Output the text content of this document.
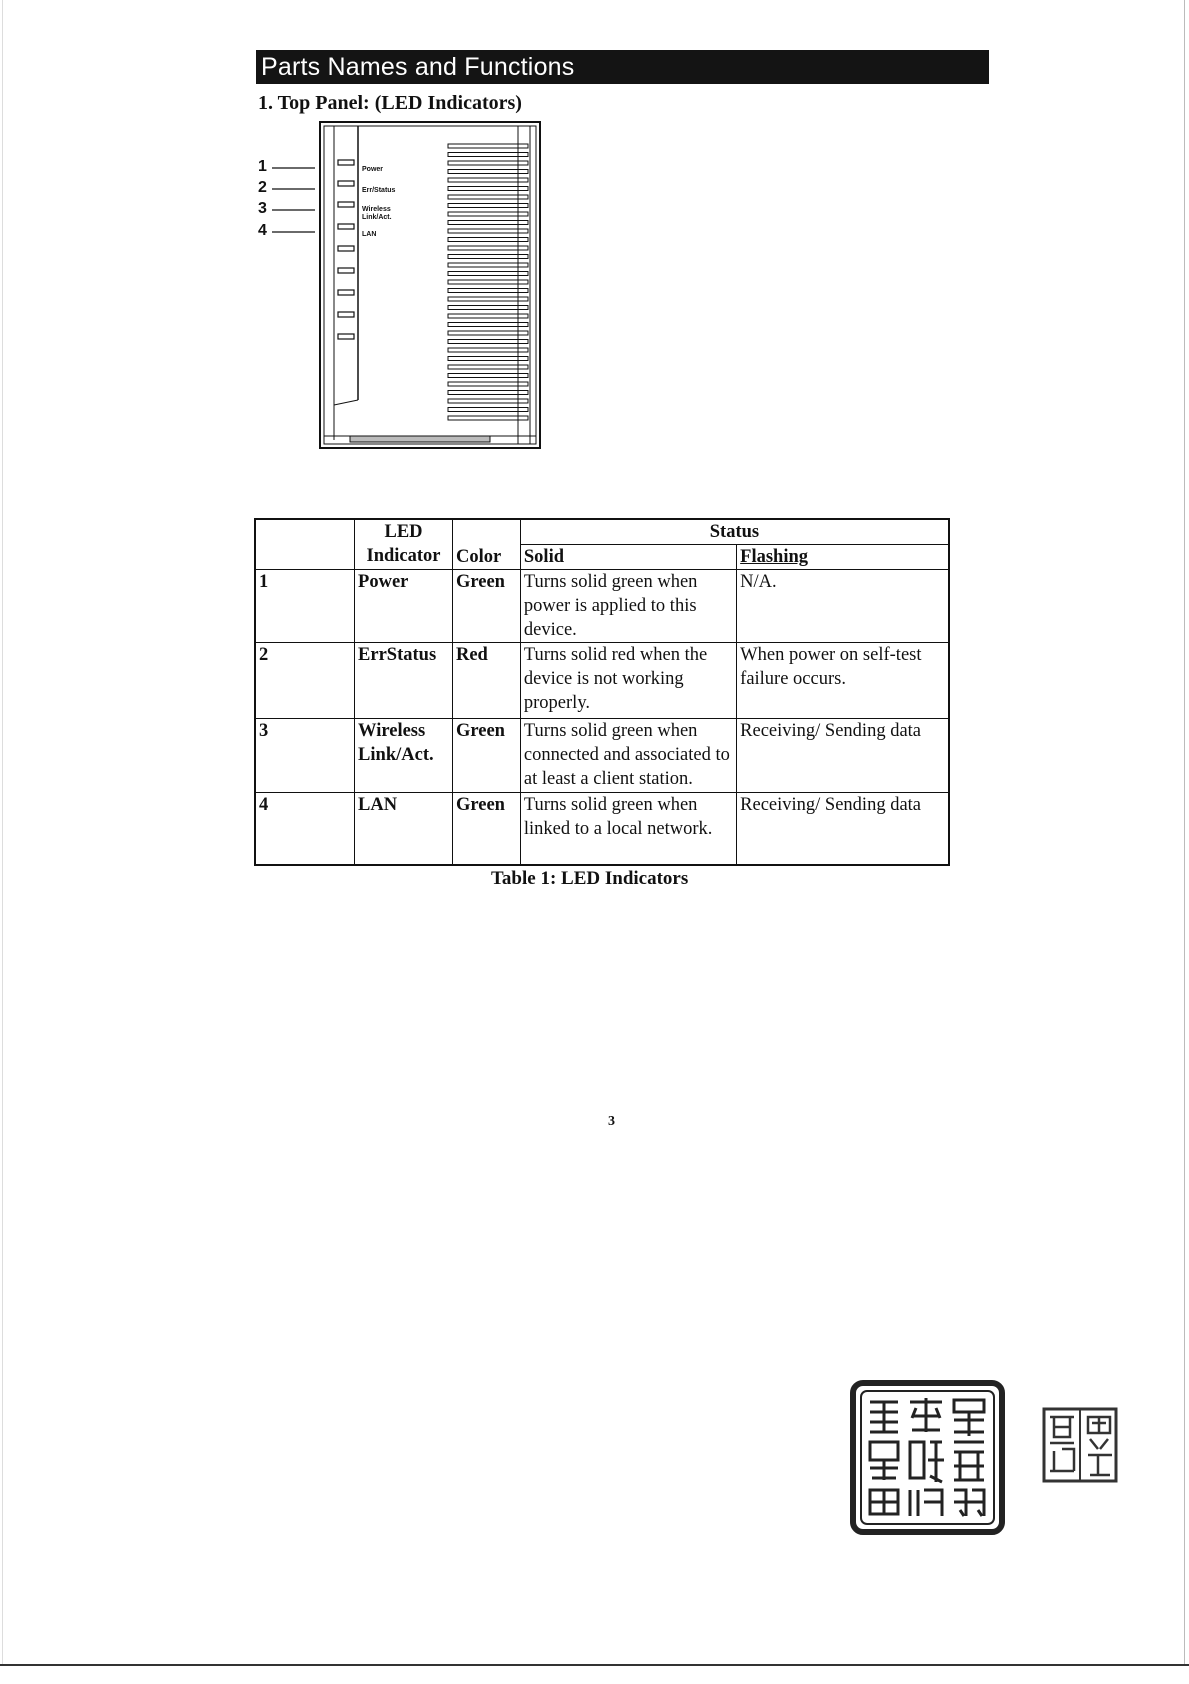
Parts Names and Functions
1. Top Panel: (LED Indicators)
1
2
3
4
Power
Err/Status
Wireless
Link/Act.
LAN
	LED Indicator	Color	Status	
			Solid	Flashing
1	Power	Green	Turns solid green when power is applied to this device.	N/A.
2	ErrStatus	Red	Turns solid red when the device is not working properly.	When power on self-test failure occurs.
3	Wireless Link/Act.	Green	Turns solid green when connected and associated to at least a client station.	Receiving/ Sending data
4	LAN	Green	Turns solid green when linked to a local network.	Receiving/ Sending data
Table 1: LED Indicators
3
